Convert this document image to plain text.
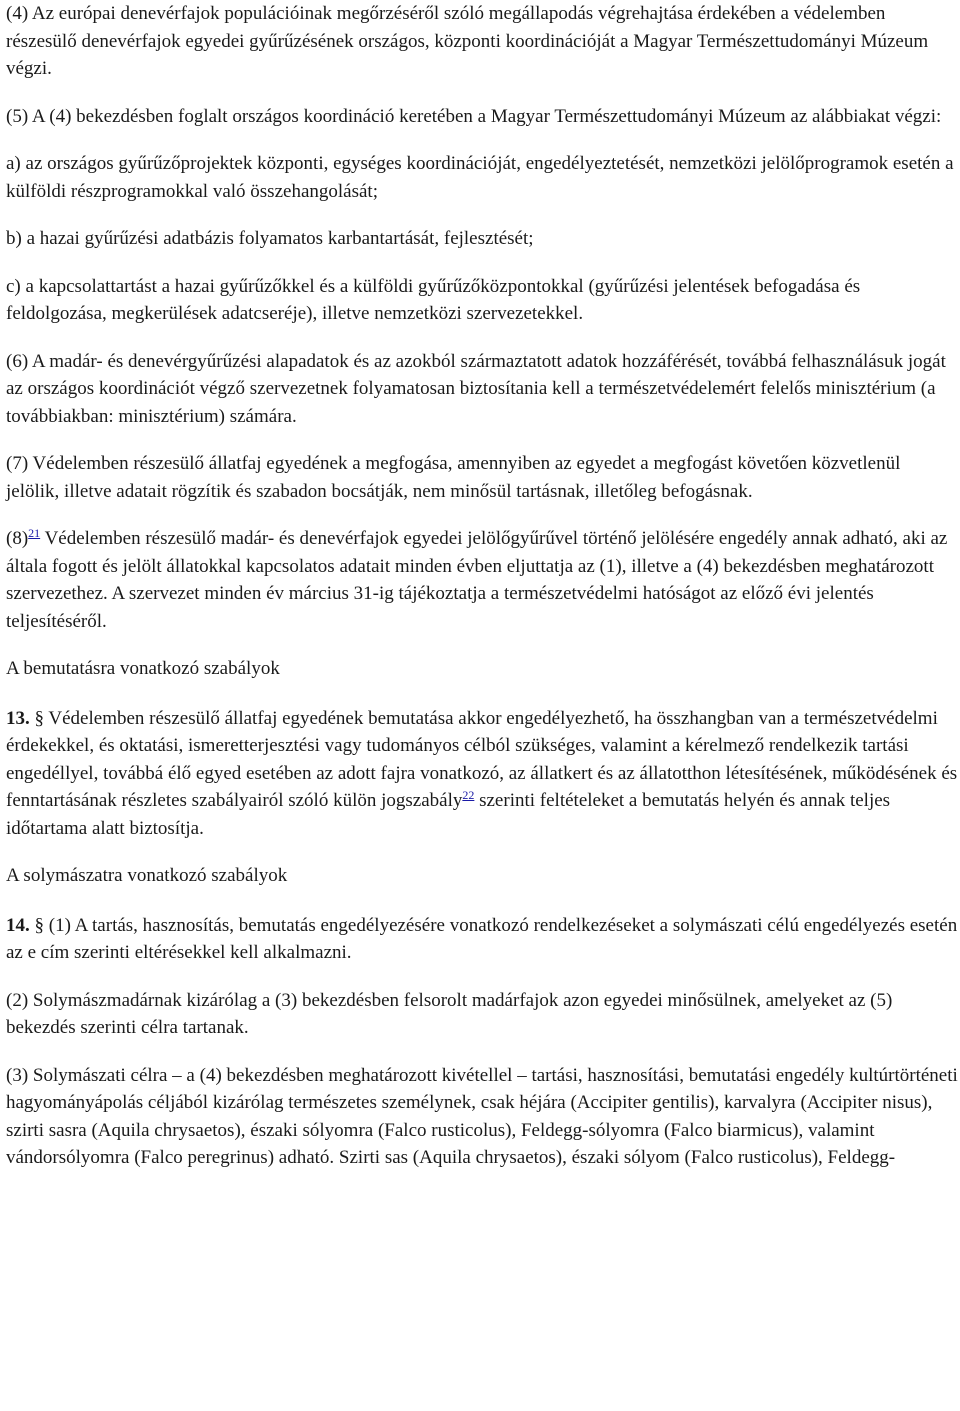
(4) Az európai denevérfajok populációinak megőrzéséről szóló megállapodás végrehajtása érdekében a védelemben részesülő denevérfajok egyedei gyűrűzésének országos, központi koordinációját a Magyar Természettudományi Múzeum végzi.

(5) A (4) bekezdésben foglalt országos koordináció keretében a Magyar Természettudományi Múzeum az alábbiakat végzi:

a) az országos gyűrűzőprojektek központi, egységes koordinációját, engedélyeztetését, nemzetközi jelölőprogramok esetén a külföldi részprogramokkal való összehangolását;

b) a hazai gyűrűzési adatbázis folyamatos karbantartását, fejlesztését;

c) a kapcsolattartást a hazai gyűrűzőkkel és a külföldi gyűrűzőközpontokkal (gyűrűzési jelentések befogadása és feldolgozása, megkerülések adatcseréje), illetve nemzetközi szervezetekkel.

(6) A madár- és denevérgyűrűzési alapadatok és az azokból származtatott adatok hozzáférését, továbbá felhasználásuk jogát az országos koordinációt végző szervezetnek folyamatosan biztosítania kell a természetvédelemért felelős minisztérium (a továbbiakban: minisztérium) számára.

(7) Védelemben részesülő állatfaj egyedének a megfogása, amennyiben az egyedet a megfogást követően közvetlenül jelölik, illetve adatait rögzítik és szabadon bocsátják, nem minősül tartásnak, illetőleg befogásnak.

(8)$^{21}$ Védelemben részesülő madár- és denevérfajok egyedei jelölőgyűrűvel történő jelölésére engedély annak adható, aki az általa fogott és jelölt állatokkal kapcsolatos adatait minden évben eljuttatja az (1), illetve a (4) bekezdésben meghatározott szervezethez. A szervezet minden év március 31-ig tájékoztatja a természetvédelmi hatóságot az előző évi jelentés teljesítéséről.

A bemutatásra vonatkozó szabályok

13. § Védelemben részesülő állatfaj egyedének bemutatása akkor engedélyezhető, ha összhangban van a természetvédelmi érdekekkel, és oktatási, ismeretterjesztési vagy tudományos célból szükséges, valamint a kérelmező rendelkezik tartási engedéllyel, továbbá élő egyed esetében az adott fajra vonatkozó, az állatkert és az állatotthon létesítésének, működésének és fenntartásának részletes szabályairól szóló külön jogszabály$^{22}$ szerinti feltételeket a bemutatás helyén és annak teljes időtartama alatt biztosítja.

A solymászatra vonatkozó szabályok

14. § (1) A tartás, hasznosítás, bemutatás engedélyezésére vonatkozó rendelkezéseket a solymászati célú engedélyezés esetén az e cím szerinti eltérésekkel kell alkalmazni.

(2) Solymászmadárnak kizárólag a (3) bekezdésben felsorolt madárfajok azon egyedei minősülnek, amelyeket az (5) bekezdés szerinti célra tartanak.

(3) Solymászati célra – a (4) bekezdésben meghatározott kivétellel – tartási, hasznosítási, bemutatási engedély kultúrtörténeti hagyományápolás céljából kizárólag természetes személynek, csak héjára (Accipiter gentilis), karvalyra (Accipiter nisus), szirti sasra (Aquila chrysaetos), északi sólyomra (Falco rusticolus), Feldegg-sólyomra (Falco biarmicus), valamint vándorsólyomra (Falco peregrinus) adható. Szirti sas (Aquila chrysaetos), északi sólyom (Falco rusticolus), Feldegg-
